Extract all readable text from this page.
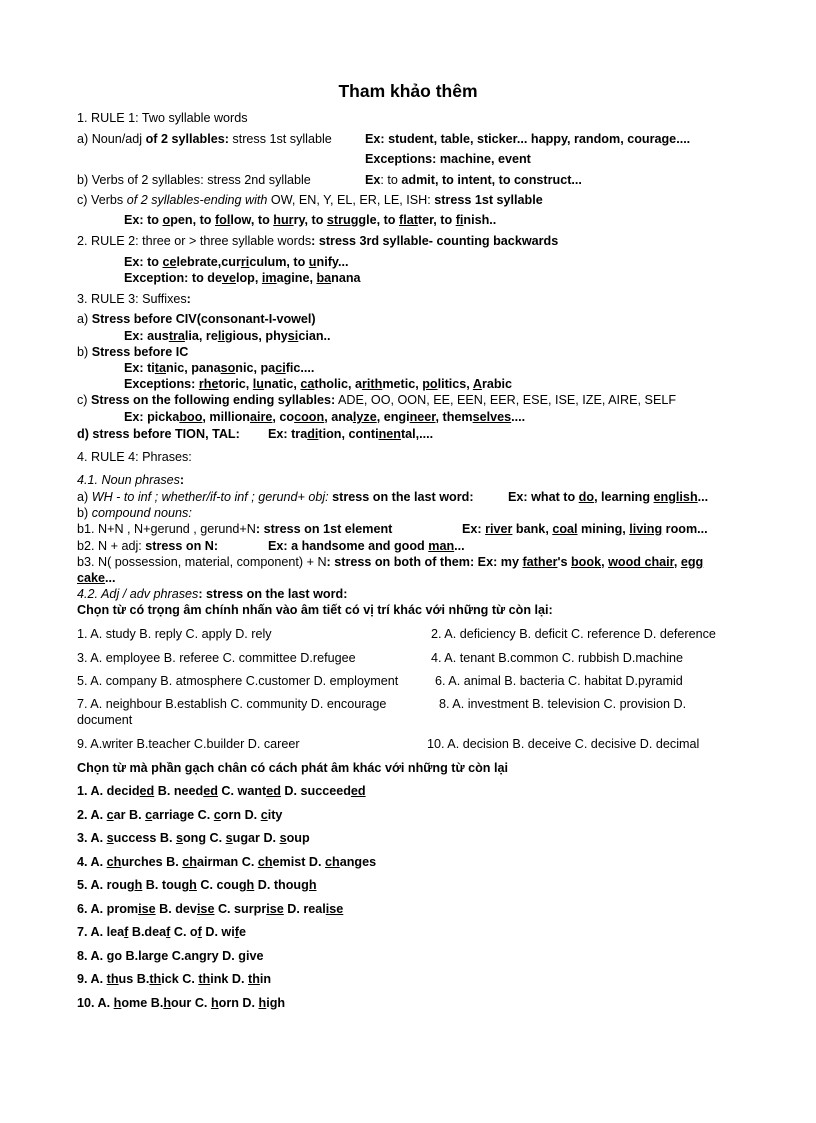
Tham khảo thêm
1. RULE 1: Two syllable words
a) Noun/adj of 2 syllables: stress 1st syllable	Ex: student, table, sticker... happy, random, courage....
Exceptions: machine, event
b) Verbs of 2 syllables: stress 2nd syllable	Ex: to admit, to intent, to construct...
c) Verbs of 2 syllables-ending with OW, EN, Y, EL, ER, LE, ISH: stress 1st syllable
Ex: to open, to follow, to hurry, to struggle, to flatter, to finish..
2. RULE 2: three or > three syllable words: stress 3rd syllable- counting backwards
Ex: to celebrate,curriculum, to unify...
Exception: to develop, imagine, banana
3. RULE 3: Suffixes:
a) Stress before CIV(consonant-I-vowel)
Ex: australia, religious, physician..
b) Stress before IC
Ex: titanic, panasonic, pacific....
Exceptions: rhetoric, lunatic, catholic, arithmetic, politics, Arabic
c) Stress on the following ending syllables: ADE, OO, OON, EE, EEN, EER, ESE, ISE, IZE, AIRE, SELF
Ex: pickaboo, millionaire, cocoon, analyze, engineer, themselves....
d) stress before TION, TAL: Ex: tradition, continental,....
4. RULE 4: Phrases:
4.1. Noun phrases:
a) WH - to inf ; whether/if-to inf ; gerund+ obj: stress on the last word:	Ex: what to do, learning english...
b) compound nouns:
b1. N+N , N+gerund , gerund+N: stress on 1st element	Ex: river bank, coal mining, living room...
b2. N + adj: stress on N:	Ex: a handsome and good man...
b3. N( possession, material, component) + N: stress on both of them: Ex: my father's book, wood chair, egg
cake...
4.2. Adj / adv phrases: stress on the last word:
Chọn từ có trọng âm chính nhấn vào âm tiết có vị trí khác với những từ còn lại:
1. A. study B. reply C. apply D. rely	2. A. deficiency B. deficit C. reference D. deference
3. A. employee B. referee C. committee D.refugee	4. A. tenant B.common C. rubbish D.machine
5. A. company B. atmosphere C.customer D. employment	6. A. animal B. bacteria C. habitat D.pyramid
7. A. neighbour B.establish C. community D. encourage	8. A. investment B. television C. provision D.
document
9. A.writer B.teacher C.builder D. career	10. A. decision B. deceive C. decisive D. decimal
Chọn từ mà phần gạch chân có cách phát âm khác với những từ còn lại
1. A. decided B. needed C. wanted D. succeeded
2. A. car B. carriage C. corn D. city
3. A. success B. song C. sugar D. soup
4. A. churches B. chairman C. chemist D. changes
5. A. rough B. tough C. cough D. though
6. A. promise B. devise C. surprise D. realise
7. A. leaf B.deaf C. of D. wife
8. A. go B.large C.angry D. give
9. A. thus B.thick C. think D. thin
10. A. home B.hour C. horn D. high
